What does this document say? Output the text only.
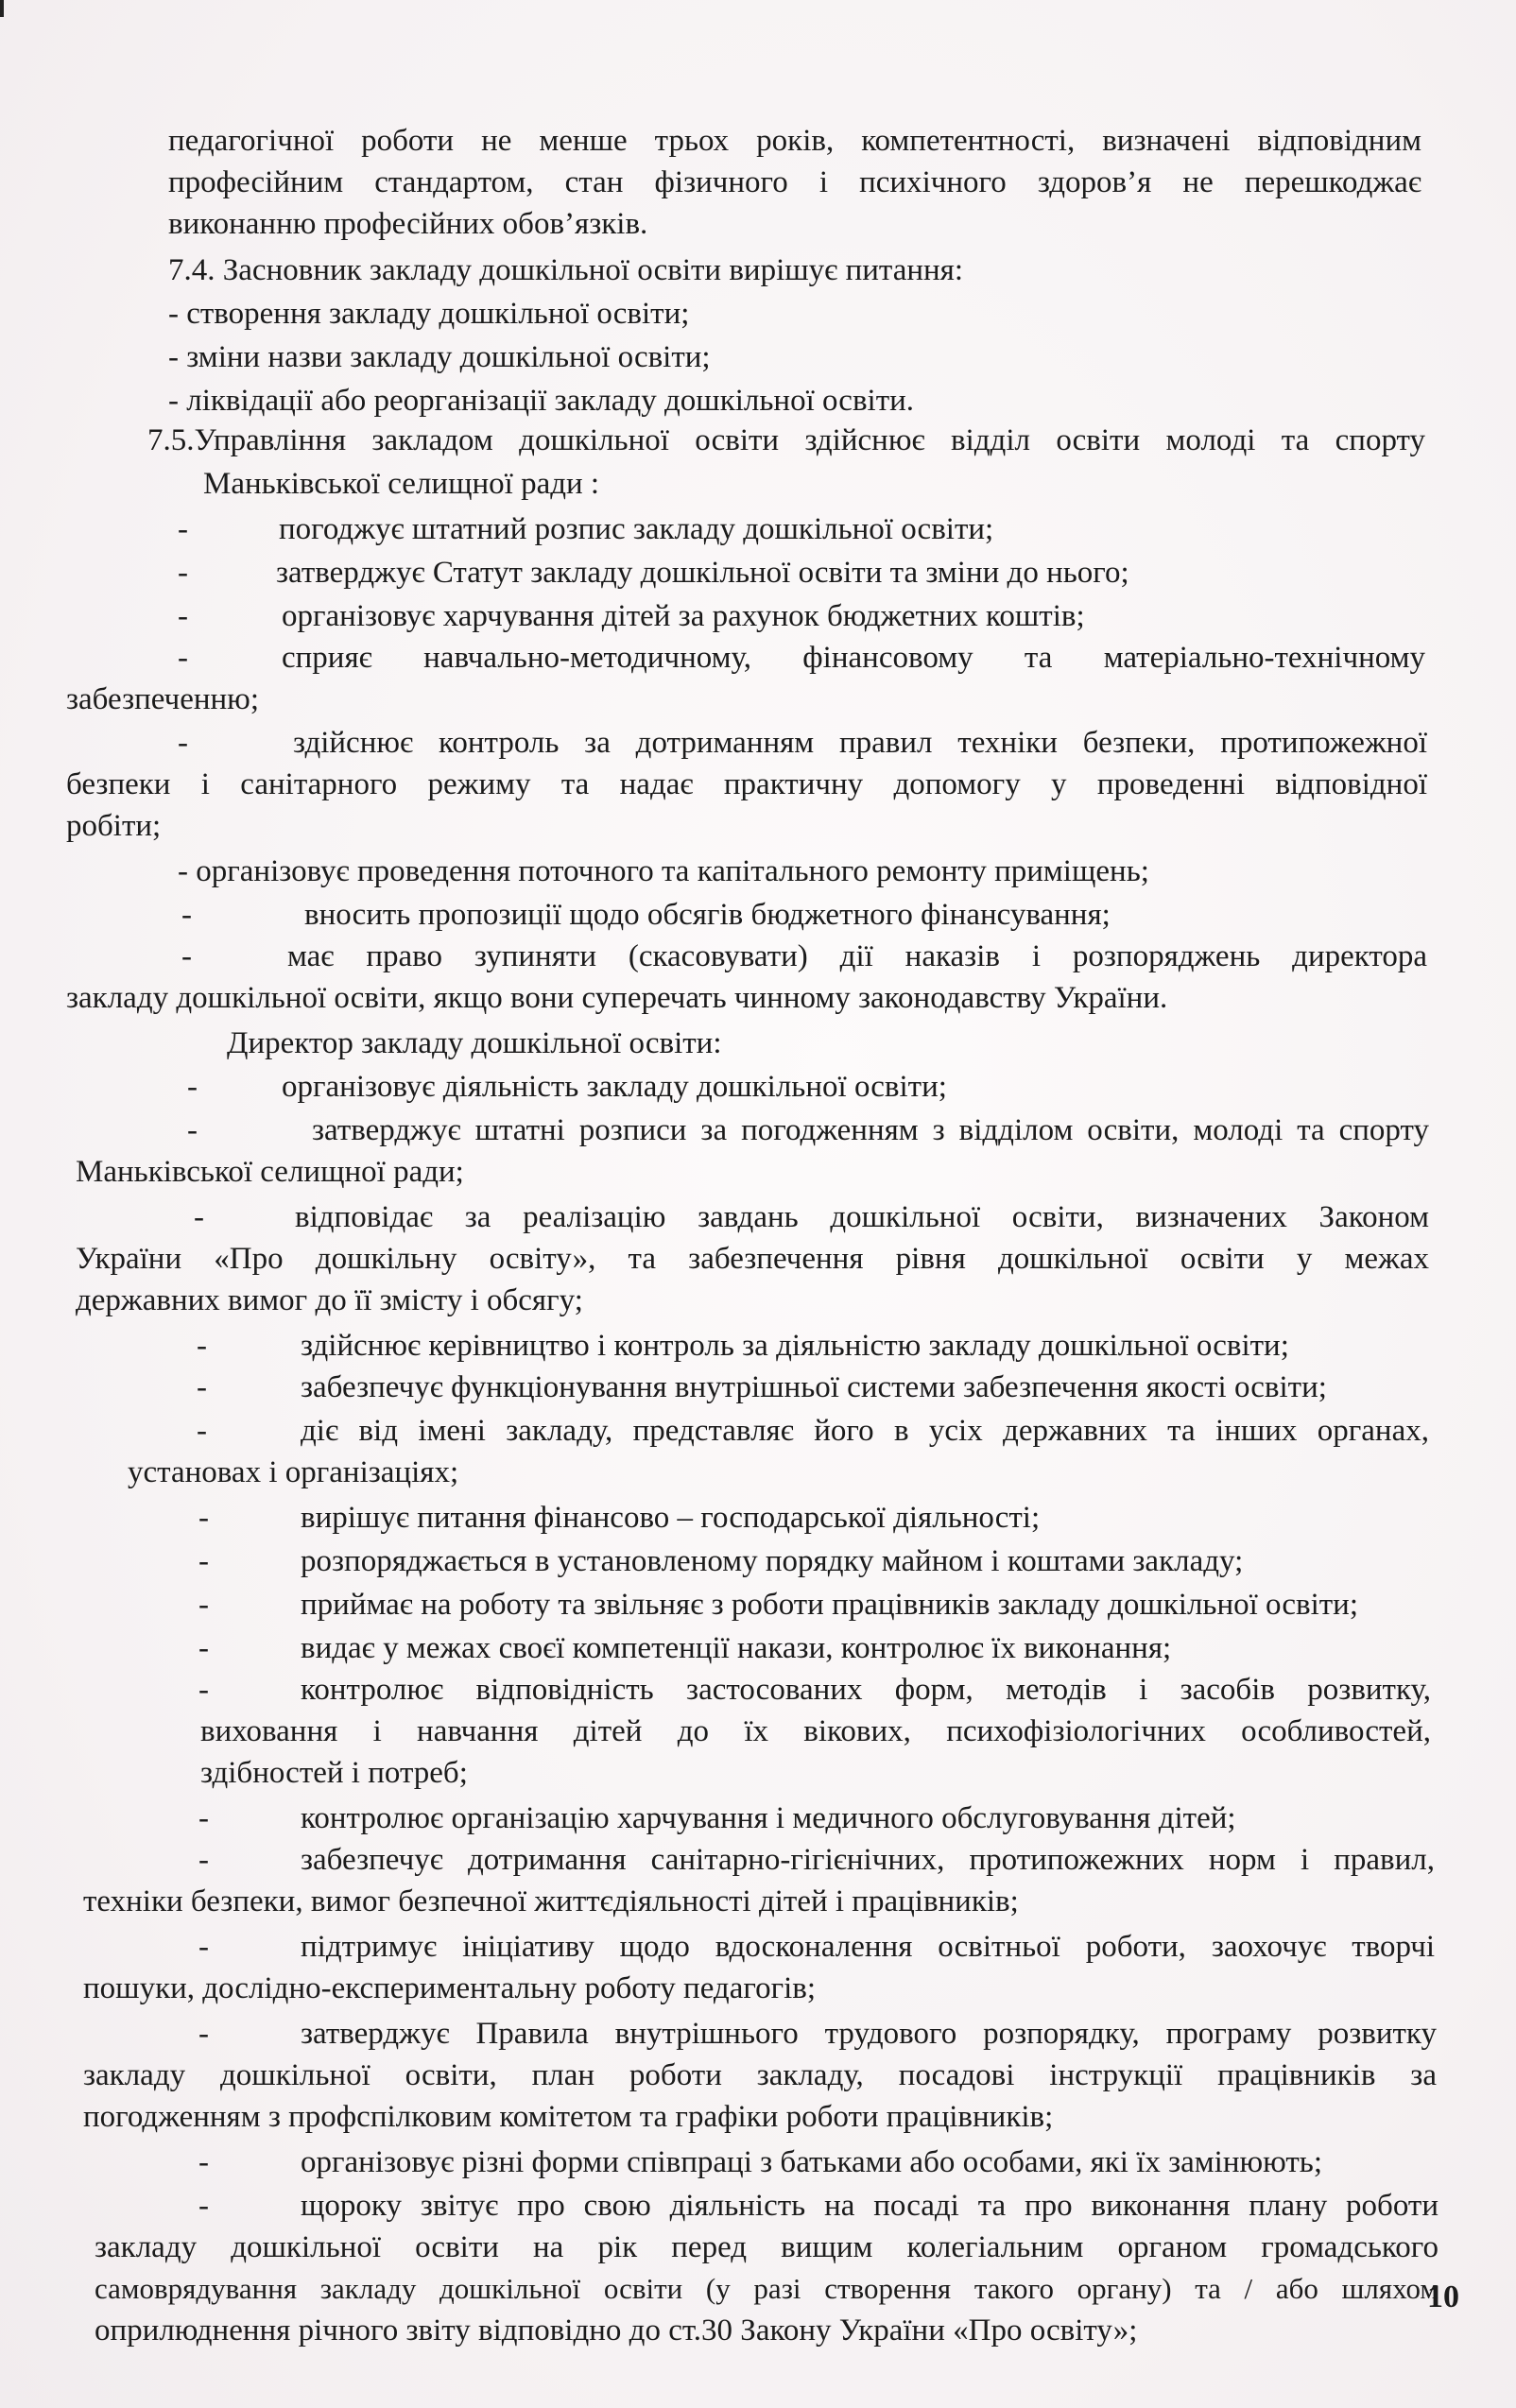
педагогічної роботи не менше трьох років, компетентності, визначені відповідним
професійним стандартом, стан фізичного і психічного здоров’я не перешкоджає
виконанню професійних обов’язків.
7.4. Засновник закладу дошкільної освіти вирішує питання:
- створення закладу дошкільної освіти;
- зміни назви закладу дошкільної освіти;
- ліквідації або реорганізації закладу дошкільної освіти.
7.5.Управління закладом дошкільної освіти здійснює відділ освіти молоді та спорту
Маньківської селищної ради :
-	погоджує штатний розпис закладу дошкільної освіти;
-	затверджує Статут закладу дошкільної освіти та зміни до нього;
-	організовує харчування дітей за рахунок бюджетних коштів;
-	сприяє навчально-методичному, фінансовому та матеріально-технічному
забезпеченню;
-	здійснює контроль за дотриманням правил техніки безпеки, протипожежної
безпеки і санітарного режиму та надає практичну допомогу у проведенні відповідної
робіти;
- організовує проведення поточного та капітального ремонту приміщень;
-	вносить пропозиції щодо обсягів бюджетного фінансування;
-	має право зупиняти (скасовувати) дії наказів і розпоряджень директора
закладу дошкільної освіти, якщо вони суперечать чинному законодавству України.
Директор закладу дошкільної освіти:
-	організовує діяльність закладу дошкільної освіти;
-	затверджує штатні розписи за погодженням з відділом освіти, молоді та спорту
Маньківської селищної ради;
-	відповідає за реалізацію завдань дошкільної освіти, визначених Законом
України «Про дошкільну освіту», та забезпечення рівня дошкільної освіти у межах
державних вимог до її змісту і обсягу;
-	здійснює керівництво і контроль за діяльністю закладу дошкільної освіти;
-	забезпечує функціонування внутрішньої системи забезпечення якості освіти;
-	діє від імені закладу, представляє його в усіх державних та інших органах,
установах і організаціях;
-	вирішує питання фінансово – господарської діяльності;
-	розпоряджається в установленому порядку майном і коштами закладу;
-	приймає на роботу та звільняє з роботи працівників закладу дошкільної освіти;
-	видає у межах своєї компетенції накази, контролює їх виконання;
-	контролює відповідність застосованих форм, методів і засобів розвитку,
виховання і навчання дітей до їх вікових, психофізіологічних особливостей,
здібностей і потреб;
-	контролює організацію харчування і медичного обслуговування дітей;
-	забезпечує дотримання санітарно-гігієнічних, протипожежних норм і правил,
техніки безпеки, вимог безпечної життєдіяльності дітей і працівників;
-	підтримує ініціативу щодо вдосконалення освітньої роботи, заохочує творчі
пошуки, дослідно-експериментальну роботу педагогів;
-	затверджує Правила внутрішнього трудового розпорядку, програму розвитку
закладу дошкільної освіти, план роботи закладу, посадові інструкції працівників за
погодженням з профспілковим комітетом та графіки роботи працівників;
-	організовує різні форми співпраці з батьками або особами, які їх замінюють;
-	щороку звітує про свою діяльність на посаді та про виконання плану роботи
закладу дошкільної освіти на рік перед вищим колегіальним органом громадського
самоврядування закладу дошкільної освіти (у разі створення такого органу) та / або шляхом
оприлюднення річного звіту відповідно до ст.30 Закону України «Про освіту»;
10
